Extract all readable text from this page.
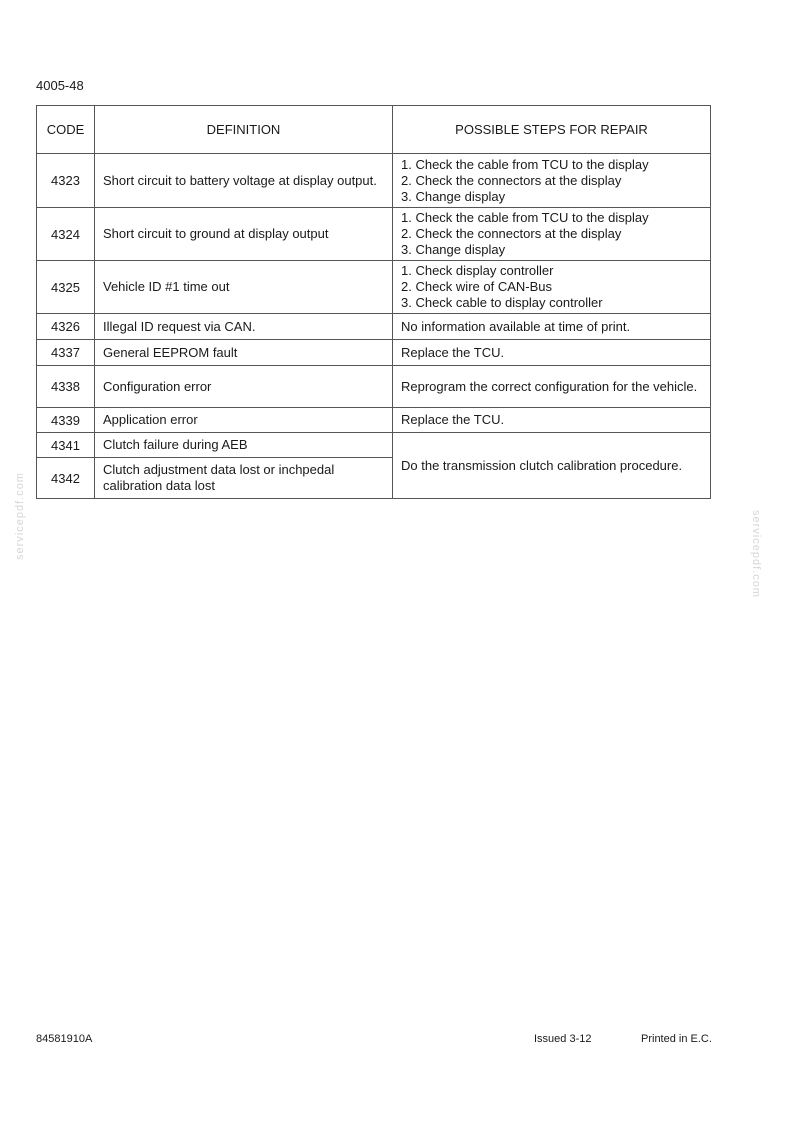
4005-48
CODE	DEFINITION	POSSIBLE STEPS FOR REPAIR
4323	Short circuit to battery voltage at display output.	1. Check the cable from TCU to the display
2. Check the connectors at the display
3. Change display

4324	Short circuit to ground at display output	1. Check the cable from TCU to the display
2. Check the connectors at the display
3. Change display

4325	Vehicle ID #1 time out	1. Check display controller
2. Check wire of CAN-Bus
3. Check cable to display controller

4326	Illegal ID request via CAN.	No information available at time of print.
4337	General EEPROM fault	Replace the TCU.
4338	Configuration error	Reprogram the correct configuration for the vehicle.
4339	Application error	Replace the TCU.
4341	Clutch failure during AEB	Do the transmission clutch calibration procedure.
4342	Clutch adjustment data lost or inchpedal calibration data lost	
servicepdf.com	servicepdf.com
84581910A	Issued 3-12	Printed in E.C.
